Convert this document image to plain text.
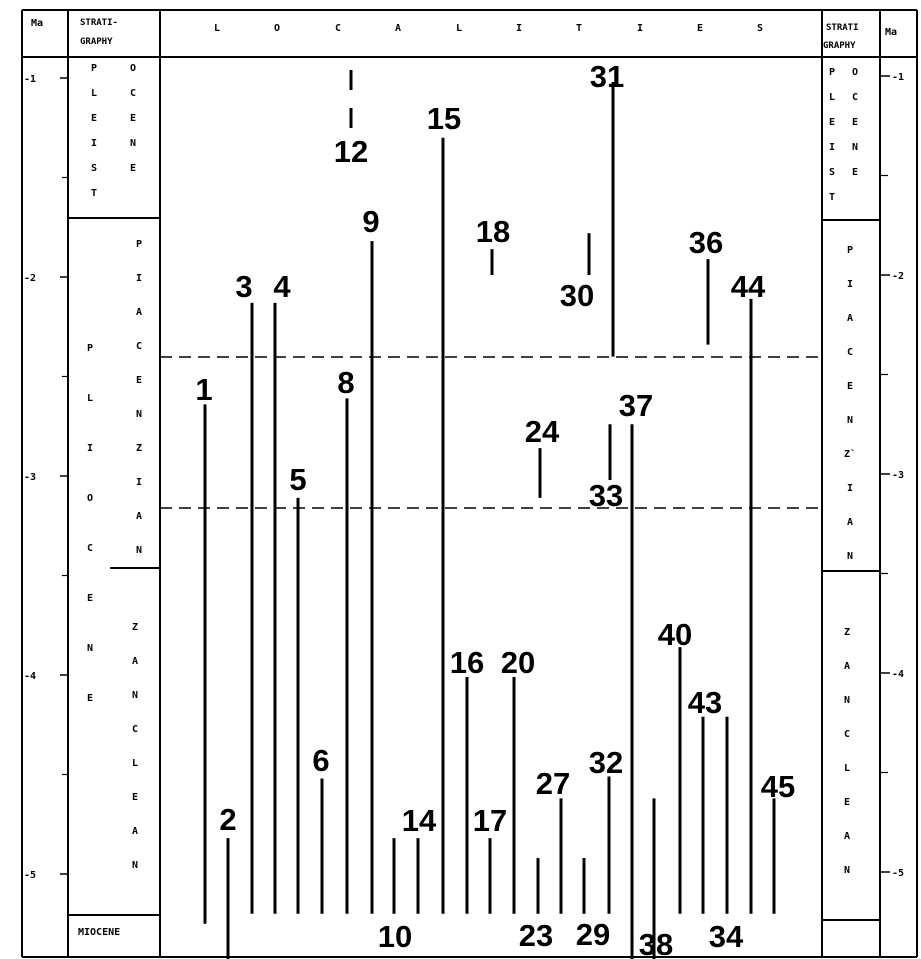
Ma	STRATI-
GRAPHY
STRATI
GRAPHY
Ma
L	O	C	A	L	I	T	I	E	S
-1
-2
-3
-4
-5
-1
-2
-3
-4
-5
P
L
E
I
S
T
O
C
E
N
E
P
L
I
O
C
E
N
E
P
I
A
C
E
N
Z
I
A
N
Z
A
N
C
L
E
A
N
P
L
E
I
S
T
O
C
E
N
E
P
I
A
C
E
N
Z`
I
A
N
Z
A
N
C
L
E
A
N
MIOCENE
1
2
3 4
5
6
8
9
10
12
14
15
16
17
18
20
23
24
27
29
30
31
32
33
34
36
37
38
40
43
44
45
